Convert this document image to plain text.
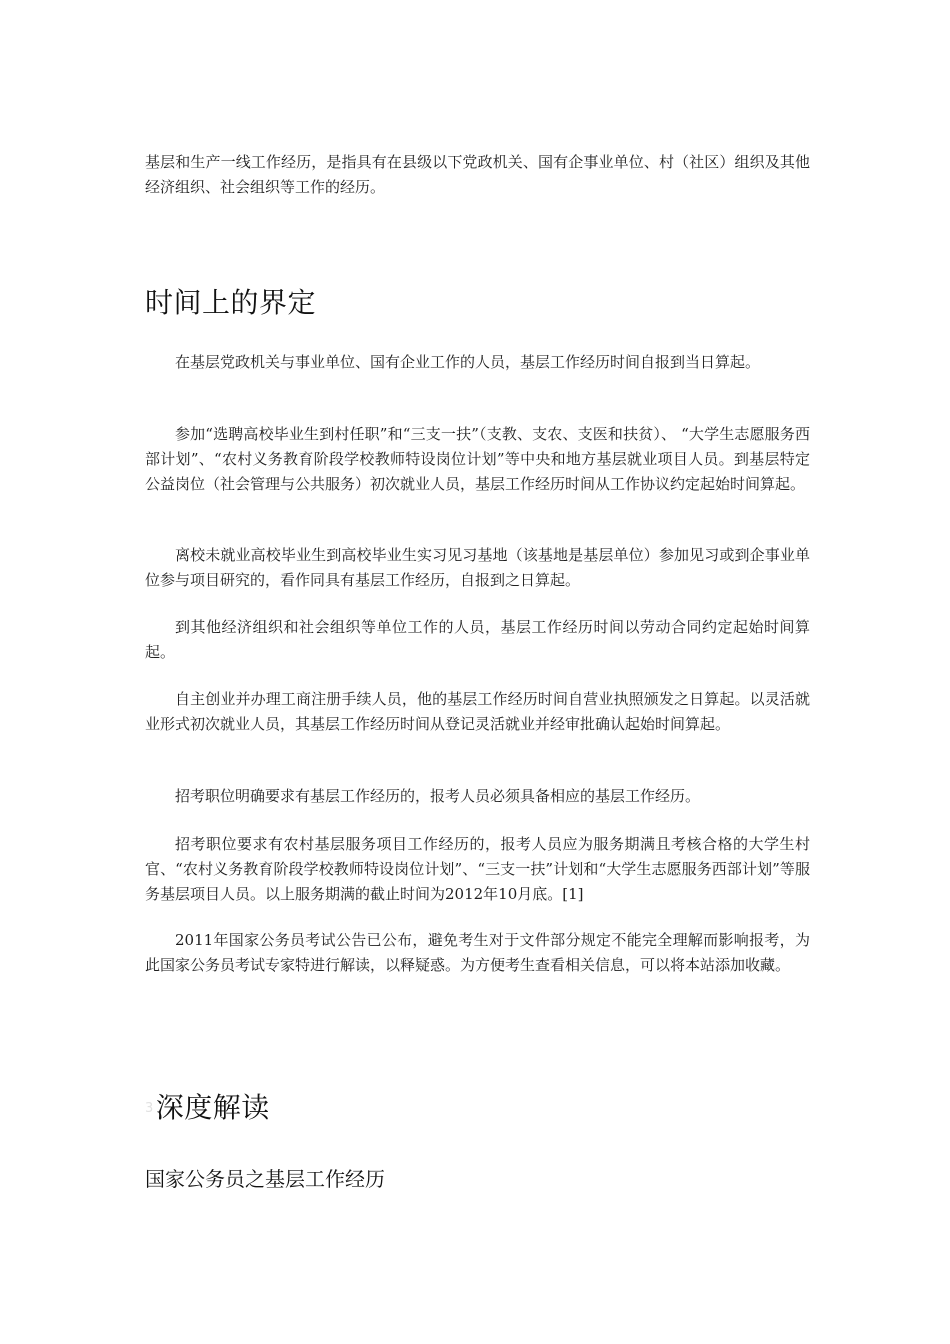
基层和生产一线工作经历，是指具有在县级以下党政机关、国有企事业单位、村（社区）组织及其他经济组织、社会组织等工作的经历。

时间上的界定

在基层党政机关与事业单位、国有企业工作的人员，基层工作经历时间自报到当日算起。

参加“选聘高校毕业生到村任职”和“三支一扶”（支教、支农、支医和扶贫）、 “大学生志愿服务西部计划”、“农村义务教育阶段学校教师特设岗位计划”等中央和地方基层就业项目人员。到基层特定公益岗位（社会管理与公共服务）初次就业人员，基层工作经历时间从工作协议约定起始时间算起。

离校未就业高校毕业生到高校毕业生实习见习基地（该基地是基层单位）参加见习或到企事业单位参与项目研究的，看作同具有基层工作经历，自报到之日算起。

到其他经济组织和社会组织等单位工作的人员，基层工作经历时间以劳动合同约定起始时间算起。

自主创业并办理工商注册手续人员，他的基层工作经历时间自营业执照颁发之日算起。以灵活就业形式初次就业人员，其基层工作经历时间从登记灵活就业并经审批确认起始时间算起。

招考职位明确要求有基层工作经历的，报考人员必须具备相应的基层工作经历。

招考职位要求有农村基层服务项目工作经历的，报考人员应为服务期满且考核合格的大学生村官、“农村义务教育阶段学校教师特设岗位计划”、“三支一扶”计划和“大学生志愿服务西部计划”等服务基层项目人员。以上服务期满的截止时间为2012年10月底。[1]

2011年国家公务员考试公告已公布，避免考生对于文件部分规定不能完全理解而影响报考，为此国家公务员考试专家特进行解读，以释疑惑。为方便考生查看相关信息，可以将本站添加收藏。

3深度解读
国家公务员之基层工作经历
